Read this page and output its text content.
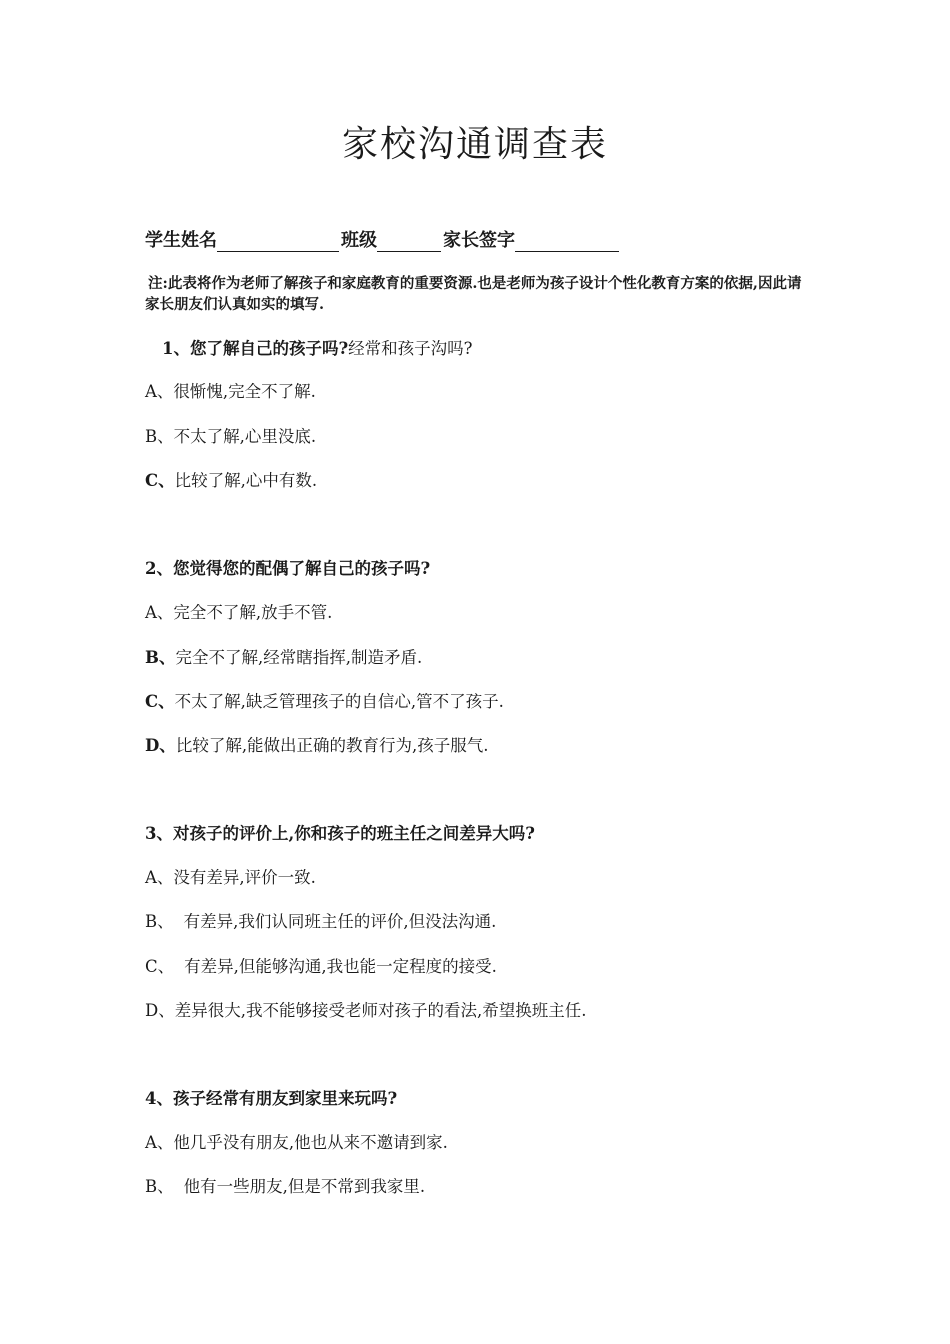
家校沟通调查表
学生姓名	班级	家长签字
注:此表将作为老师了解孩子和家庭教育的重要资源.也是老师为孩子设计个性化教育方案的依据,因此请家长朋友们认真如实的填写.
1、您了解自己的孩子吗?经常和孩子沟吗?
A、很惭愧,完全不了解.
B、不太了解,心里没底.
C、比较了解,心中有数.
2、您觉得您的配偶了解自己的孩子吗?
A、完全不了解,放手不管.
B、完全不了解,经常瞎指挥,制造矛盾.
C、不太了解,缺乏管理孩子的自信心,管不了孩子.
D、比较了解,能做出正确的教育行为,孩子服气.
3、对孩子的评价上,你和孩子的班主任之间差异大吗?
A、没有差异,评价一致.
B、 有差异,我们认同班主任的评价,但没法沟通.
C、 有差异,但能够沟通,我也能一定程度的接受.
D、差异很大,我不能够接受老师对孩子的看法,希望换班主任.
4、孩子经常有朋友到家里来玩吗?
A、他几乎没有朋友,他也从来不邀请到家.
B、 他有一些朋友,但是不常到我家里.
